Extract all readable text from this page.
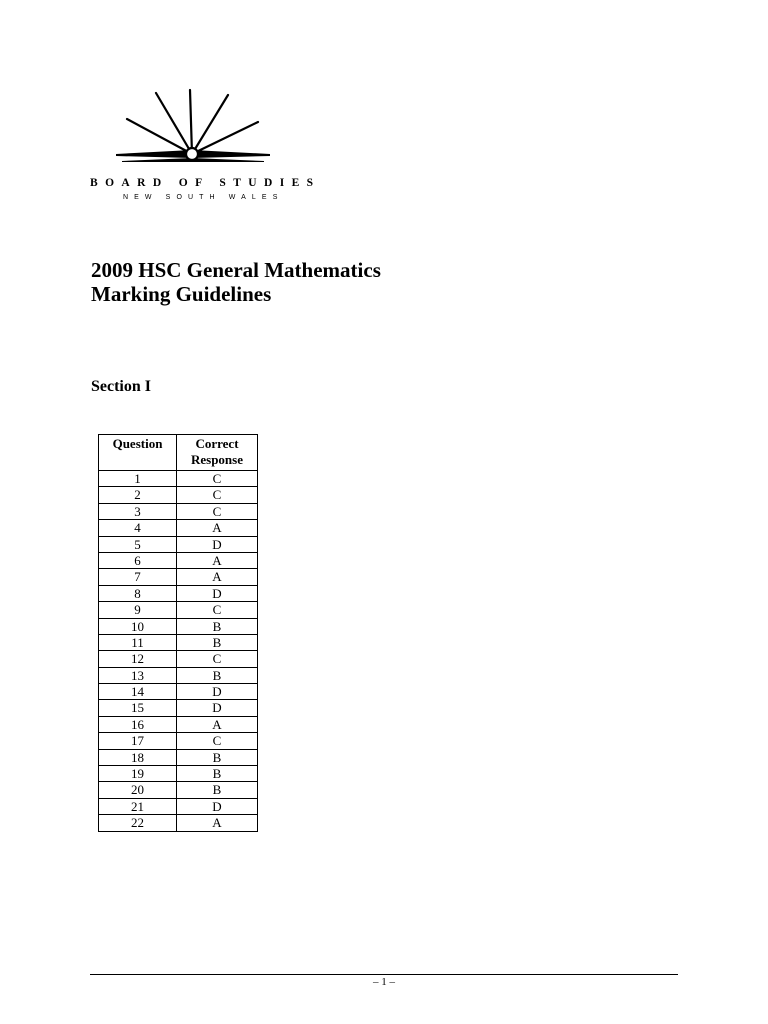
BOARD OF STUDIES
NEW SOUTH WALES
2009 HSC General Mathematics
Marking Guidelines
Section I
Question	Correct Response
1	C
2	C
3	C
4	A
5	D
6	A
7	A
8	D
9	C
10	B
11	B
12	C
13	B
14	D
15	D
16	A
17	C
18	B
19	B
20	B
21	D
22	A
– 1 –
